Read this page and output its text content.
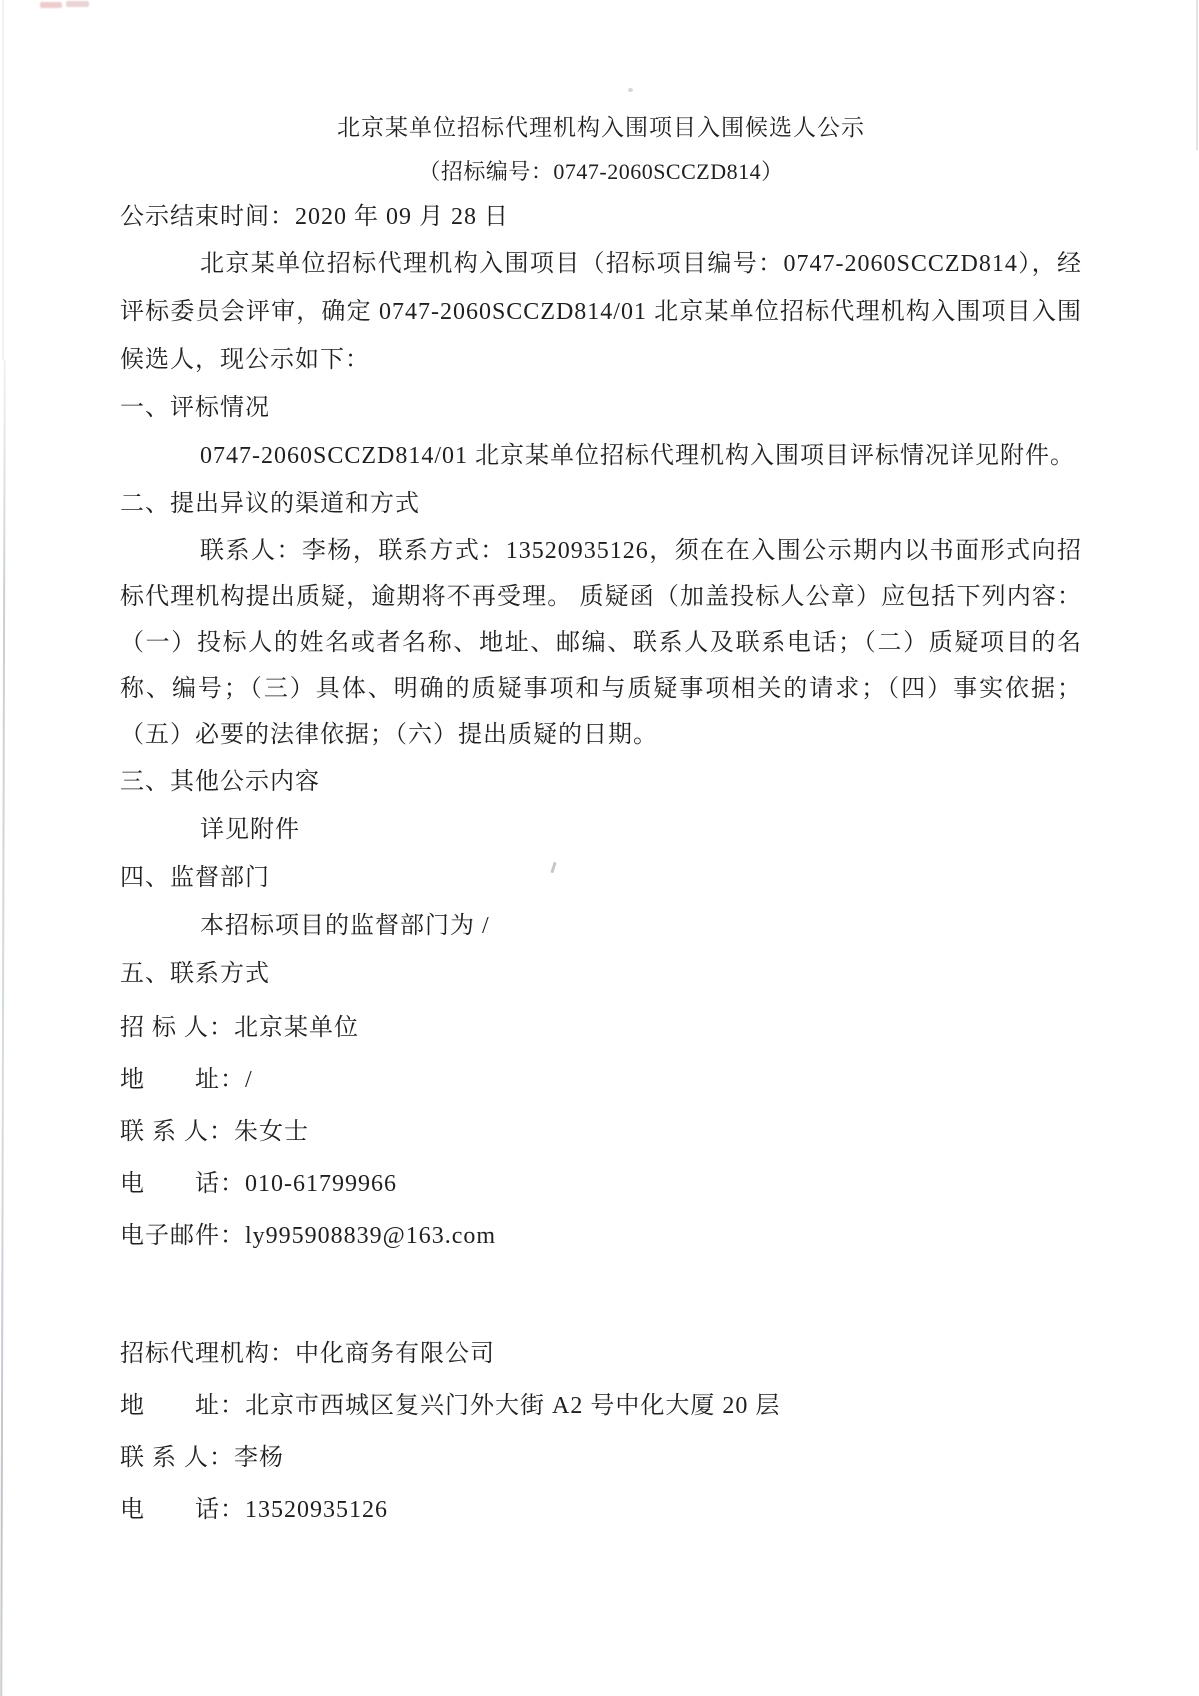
北京某单位招标代理机构入围项目入围候选人公示
（招标编号：0747-2060SCCZD814）

公示结束时间：2020 年 09 月 28 日

北京某单位招标代理机构入围项目（招标项目编号：0747-2060SCCZD814），经评标委员会评审，确定 0747-2060SCCZD814/01 北京某单位招标代理机构入围项目入围候选人，现公示如下：

一、评标情况

0747-2060SCCZD814/01 北京某单位招标代理机构入围项目评标情况详见附件。

二、提出异议的渠道和方式

联系人：李杨，联系方式：13520935126，须在在入围公示期内以书面形式向招标代理机构提出质疑，逾期将不再受理。 质疑函（加盖投标人公章）应包括下列内容：（一）投标人的姓名或者名称、地址、邮编、联系人及联系电话；（二）质疑项目的名称、编号；（三）具体、明确的质疑事项和与质疑事项相关的请求；（四）事实依据；（五）必要的法律依据；（六）提出质疑的日期。

三、其他公示内容

详见附件

四、监督部门

本招标项目的监督部门为 /

五、联系方式

招 标 人：北京某单位

地　　址：/

联 系 人：朱女士

电　　话：010-61799966

电子邮件：ly995908839@163.com

招标代理机构：中化商务有限公司

地　　址：北京市西城区复兴门外大街 A2 号中化大厦 20 层

联 系 人：李杨

电　　话：13520935126
